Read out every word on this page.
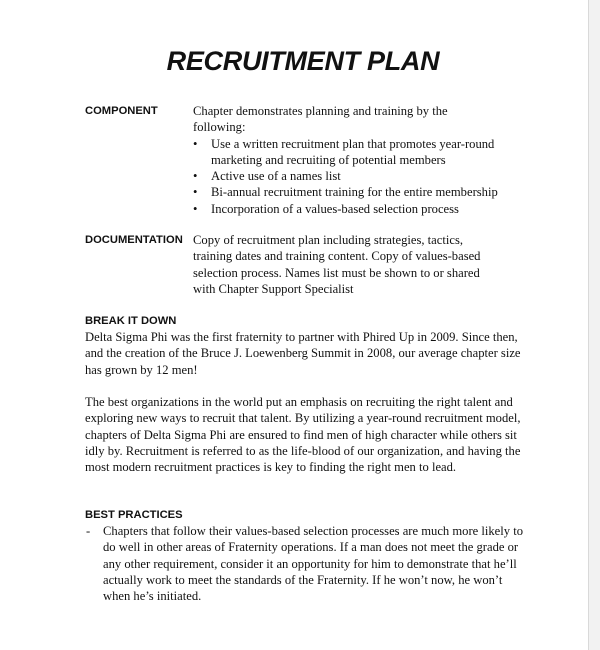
RECRUITMENT PLAN
COMPONENT	Chapter demonstrates planning and training by the following:
• Use a written recruitment plan that promotes year-round marketing and recruiting of potential members
• Active use of a names list
• Bi-annual recruitment training for the entire membership
• Incorporation of a values-based selection process
DOCUMENTATION Copy of recruitment plan including strategies, tactics, training dates and training content. Copy of values-based selection process. Names list must be shown to or shared with Chapter Support Specialist
BREAK IT DOWN
Delta Sigma Phi was the first fraternity to partner with Phired Up in 2009. Since then, and the creation of the Bruce J. Loewenberg Summit in 2008, our average chapter size has grown by 12 men!
The best organizations in the world put an emphasis on recruiting the right talent and exploring new ways to recruit that talent. By utilizing a year-round recruitment model, chapters of Delta Sigma Phi are ensured to find men of high character while others sit idly by. Recruitment is referred to as the life-blood of our organization, and having the most modern recruitment practices is key to finding the right men to lead.
BEST PRACTICES
- Chapters that follow their values-based selection processes are much more likely to do well in other areas of Fraternity operations. If a man does not meet the grade or any other requirement, consider it an opportunity for him to demonstrate that he’ll actually work to meet the standards of the Fraternity. If he won’t now, he won’t when he’s initiated.
